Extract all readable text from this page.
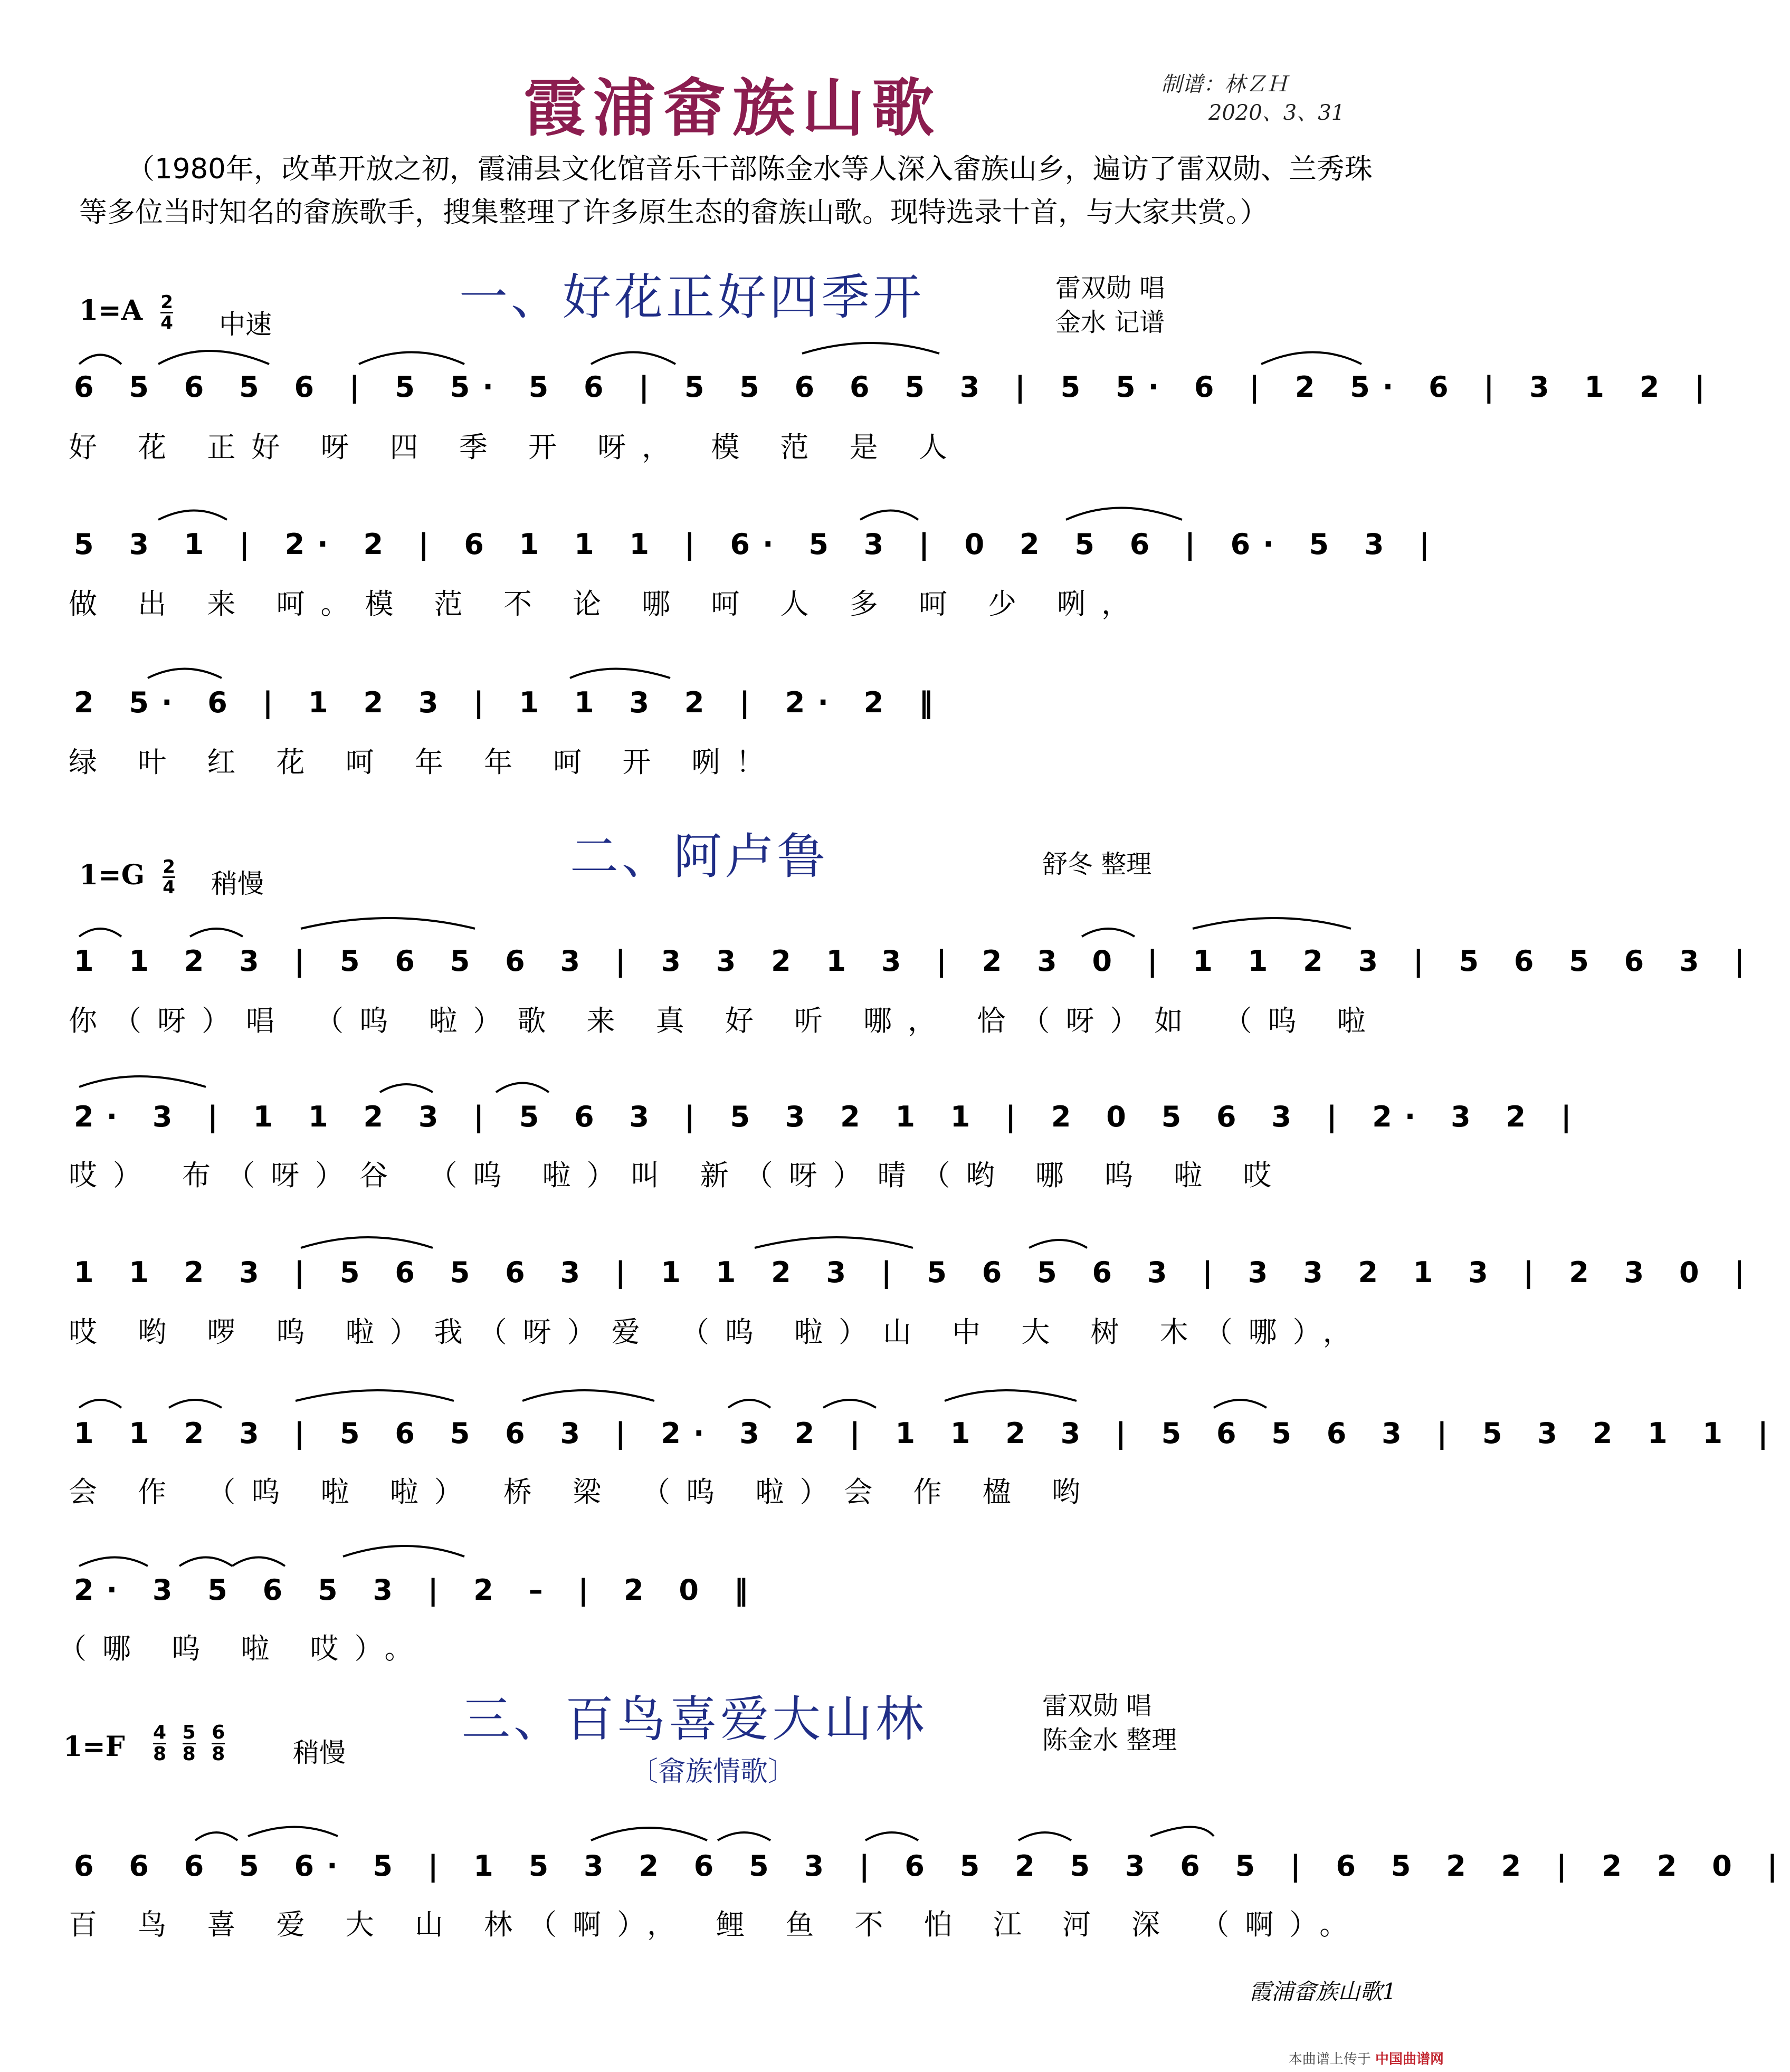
霞浦畲族山歌	制谱：林ＺＨ
2020、3、31
（1980年，改革开放之初，霞浦县文化馆音乐干部陈金水等人深入畲族山乡，遍访了雷双勋、兰秀珠等多位当时知名的畲族歌手，搜集整理了许多原生态的畲族山歌。现特选录十首，与大家共赏。）
一、好花正好四季开
$1=A \frac{2}{4}$ 中速
雷双勋 唱
金水 记谱
6 5 6 5 6 | 5 5· 5 6 | 5 5 6 6 5 3 | 5 5· 6 | 2 5· 6 | 3 1 2 |
好 花 正好 呀 四 季 开 呀， 模 范 是 人
5 3 1 | 2· 2 | 6 1 1 1 | 6· 5 3 | 0 2 5 6 | 6· 5 3 |
做 出 来 呵。模 范 不 论 哪 呵 人 多 呵 少 咧，
2 5· 6 | 1 2 3 | 1 1 3 2 | 2· 2 ‖
绿 叶 红 花 呵 年 年 呵 开 咧！
二、阿卢鲁
$1=G \frac{2}{4}$ 稍慢
舒冬 整理
1 1 2 3 | 5 6 5 6 3 | 3 3 2 1 3 | 2 3 0 | 1 1 2 3 | 5 6 5 6 3 |
你（呀）唱 （呜 啦）歌 来 真 好 听 哪， 恰（呀）如 （呜 啦
2· 3 | 1 1 2 3 | 5 6 3 | 5 3 2 1 1 | 2 0 5 6 3 | 2· 3 2 |
哎） 布（呀）谷 （呜 啦）叫 新（呀）晴（哟 哪 呜 啦 哎
1 1 2 3 | 5 6 5 6 3 | 1 1 2 3 | 5 6 5 6 3 | 3 3 2 1 3 | 2 3 0 |
哎 哟 啰 呜 啦）我（呀）爱 （呜 啦）山 中 大 树 木（哪），
1 1 2 3 | 5 6 5 6 3 | 2· 3 2 | 1 1 2 3 | 5 6 5 6 3 | 5 3 2 1 1 |
会 作 （呜 啦 啦） 桥 梁 （呜 啦）会 作 楹 哟
2· 3 5 6 5 3 | 2 – | 2 0 ‖
（哪 呜 啦 哎）。
三、百鸟喜爱大山林
〔畲族情歌〕
$1=F \frac{4}{8}$
$\frac{5}{8}$
$\frac{6}{8}$	稍慢
雷双勋 唱
陈金水 整理
6 6 6 5 6· 5 | 1 5 3 2 6 5 3 | 6 5 2 5 3 6 5 | 6 5 2 2 | 2 2 0 |
百 鸟 喜 爱 大 山 林（啊）， 鲤 鱼 不 怕 江 河 深 （啊）。
霞浦畲族山歌1
本曲谱上传于 中国曲谱网
